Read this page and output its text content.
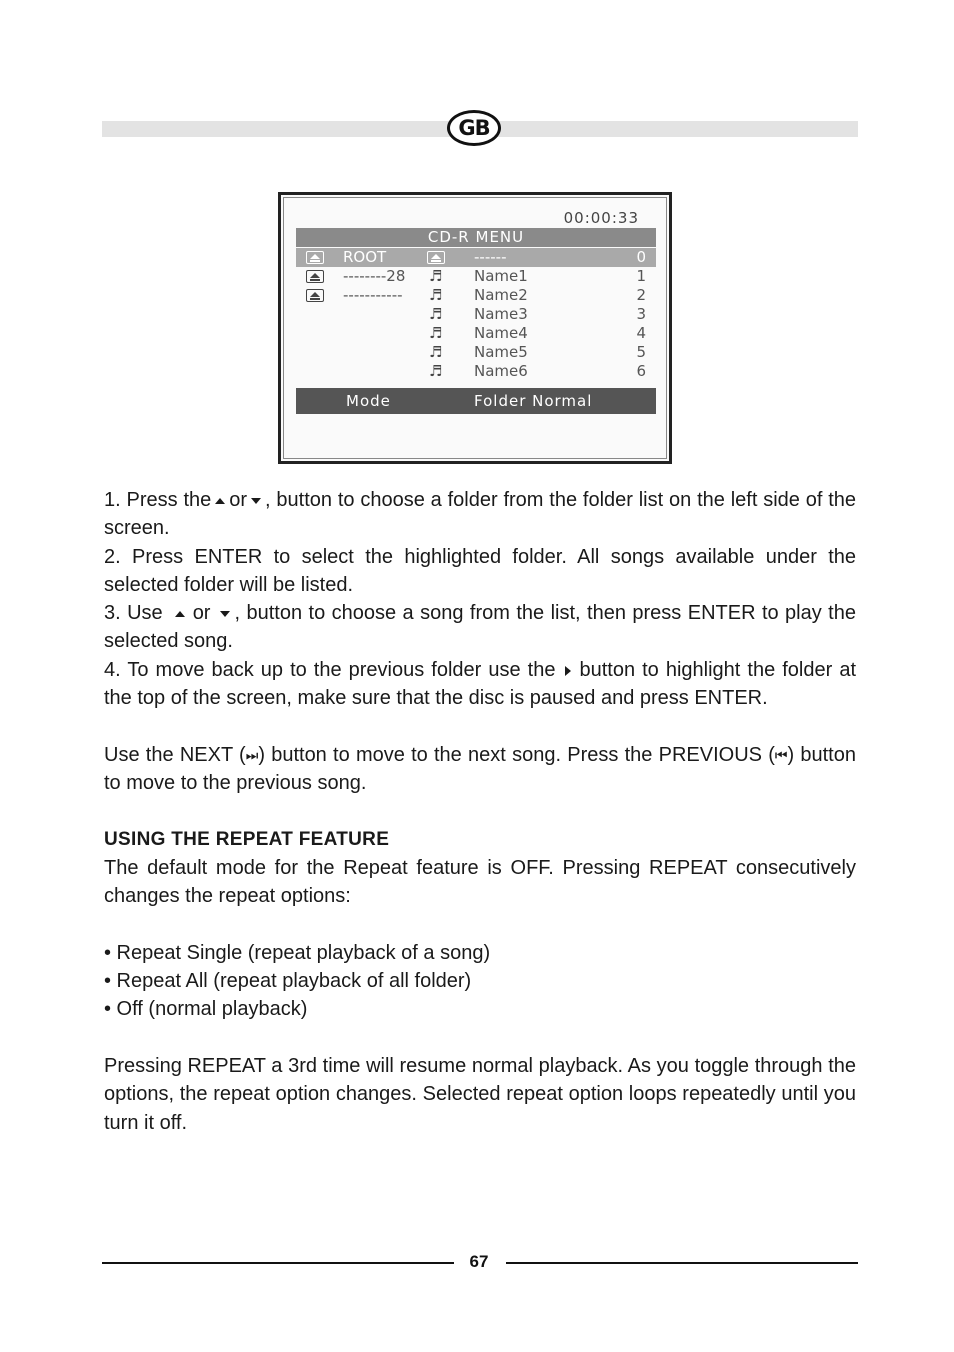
GB
00:00:33
CD-R MENU
ROOT	------	0
--------28 ♬ Name1	1
----------- ♬ Name2	2
♬ Name3	3
♬ Name4	4
♬ Name5	5
♬ Name6	6
Mode	Folder Normal

1. Press the or , button to choose a folder from the folder list on the left side of the screen.

2. Press ENTER to select the highlighted folder. All songs available under the selected folder will be listed.

3. Use or , button to choose a song from the list, then press ENTER to play the selected song.

4. To move back up to the previous folder use the button to highlight the folder at the top of the screen, make sure that the disc is paused and press ENTER.

Use the NEXT (⏭) button to move to the next song. Press the PREVIOUS (⏮) button to move to the previous song.

USING THE REPEAT FEATURE

The default mode for the Repeat feature is OFF. Pressing REPEAT consecutively changes the repeat options:

• Repeat Single (repeat playback of a song)

• Repeat All (repeat playback of all folder)

• Off (normal playback)

Pressing REPEAT a 3rd time will resume normal playback. As you toggle through the options, the repeat option changes. Selected repeat option loops repeatedly until you turn it off.

67
